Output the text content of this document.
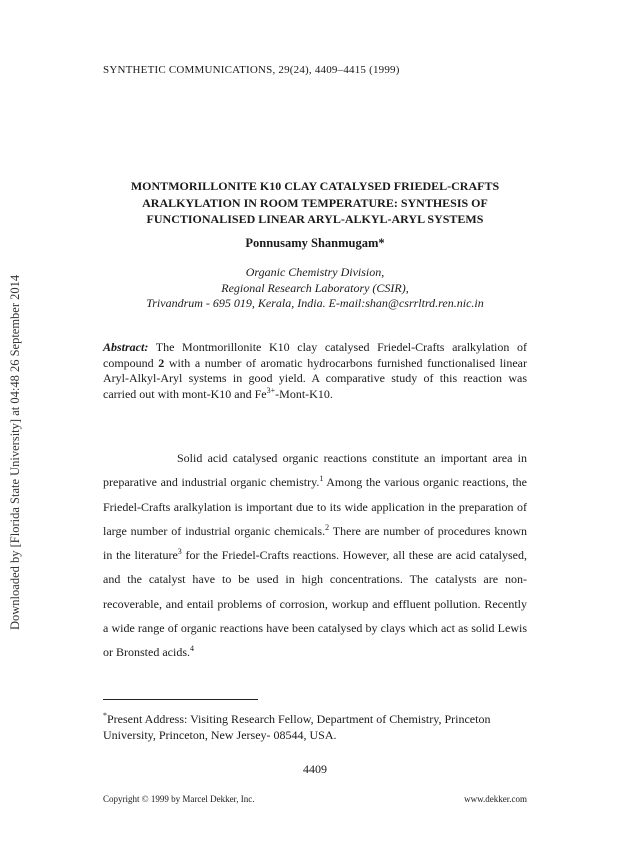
Downloaded by [Florida State University] at 04:48 26 September 2014
SYNTHETIC COMMUNICATIONS, 29(24), 4409–4415 (1999)
MONTMORILLONITE K10 CLAY CATALYSED FRIEDEL-CRAFTS
ARALKYLATION IN ROOM TEMPERATURE: SYNTHESIS OF
FUNCTIONALISED LINEAR ARYL-ALKYL-ARYL SYSTEMS
Ponnusamy Shanmugam*
Organic Chemistry Division,
Regional Research Laboratory (CSIR),
Trivandrum - 695 019, Kerala, India. E-mail:shan@csrrltrd.ren.nic.in
Abstract: The Montmorillonite K10 clay catalysed Friedel-Crafts aralkylation of compound 2 with a number of aromatic hydrocarbons furnished functionalised linear Aryl-Alkyl-Aryl systems in good yield. A comparative study of this reaction was carried out with mont-K10 and $Fe^{3+}-Mont-K10$.

Solid acid catalysed organic reactions constitute an important area in preparative and industrial organic chemistry.$^1$ Among the various organic reactions, the Friedel-Crafts aralkylation is important due to its wide application in the preparation of large number of industrial organic chemicals.$^2$ There are number of procedures known in the literature$^3$ for the Friedel-Crafts reactions. However, all these are acid catalysed, and the catalyst have to be used in high concentrations. The catalysts are non-recoverable, and entail problems of corrosion, workup and effluent pollution. Recently a wide range of organic reactions have been catalysed by clays which act as solid Lewis or Bronsted acids.$^4$

*Present Address: Visiting Research Fellow, Department of Chemistry, Princeton University, Princeton, New Jersey- 08544, USA.
4409
Copyright © 1999 by Marcel Dekker, Inc.	www.dekker.com
